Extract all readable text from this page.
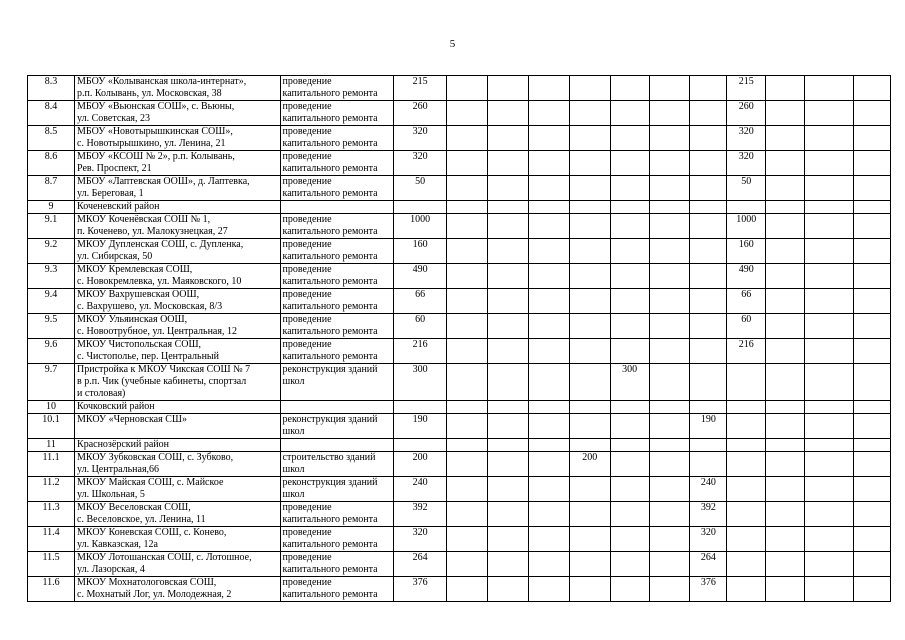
5
8.3	МБОУ «Колыванская школа-интернат»,
р.п. Колывань, ул. Московская, 38	проведение
капитального ремонта	215								215			
8.4	МБОУ «Вьюнская СОШ», с. Вьюны,
ул. Советская, 23	проведение
капитального ремонта	260								260			
8.5	МБОУ «Новотырышкинская СОШ»,
с. Новотырышкино, ул. Ленина, 21	проведение
капитального ремонта	320								320			
8.6	МБОУ «КСОШ № 2», р.п. Колывань,
Рев. Проспект, 21	проведение
капитального ремонта	320								320			
8.7	МБОУ «Лаптевская ООШ», д. Лаптевка,
ул. Береговая, 1	проведение
капитального ремонта	50								50			
9	Коченевский район													
9.1	МКОУ Коченёвская СОШ № 1,
п. Коченево, ул. Малокузнецкая, 27	проведение
капитального ремонта	1000								1000			
9.2	МКОУ Дупленская СОШ, с. Дупленка,
ул. Сибирская, 50	проведение
капитального ремонта	160								160			
9.3	МКОУ Кремлевская СОШ,
с. Новокремлевка, ул. Маяковского, 10	проведение
капитального ремонта	490								490			
9.4	МКОУ Вахрушевская ООШ,
с. Вахрушево, ул. Московская, 8/3	проведение
капитального ремонта	66								66			
9.5	МКОУ Ульяинская ООШ,
с. Новоотрубное, ул. Центральная, 12	проведение
капитального ремонта	60								60			
9.6	МКОУ Чистопольская СОШ,
с. Чистополье, пер. Центральный	проведение
капитального ремонта	216								216			
9.7	Пристройка к МКОУ Чикская СОШ № 7
в р.п. Чик (учебные кабинеты, спортзал
и столовая)	реконструкция зданий
школ	300					300						
10	Кочковский район													
10.1	МКОУ «Черновская СШ»	реконструкция зданий
школ	190							190				
11	Краснозёрский район													
11.1	МКОУ Зубковская СОШ, с. Зубково,
ул. Центральная,66	строительство зданий
школ	200				200							
11.2	МКОУ Майская СОШ, с. Майское
ул. Школьная, 5	реконструкция зданий
школ	240							240				
11.3	МКОУ Веселовская СОШ,
с. Веселовское, ул. Ленина, 11	проведение
капитального ремонта	392							392				
11.4	МКОУ Коневская СОШ, с. Конево,
ул. Кавказская, 12а	проведение
капитального ремонта	320							320				
11.5	МКОУ Лотошанская СОШ, с. Лотошное,
ул. Лазорская, 4	проведение
капитального ремонта	264							264				
11.6	МКОУ Мохнатологовская СОШ,
с. Мохнатый Лог, ул. Молодежная, 2	проведение
капитального ремонта	376							376				
